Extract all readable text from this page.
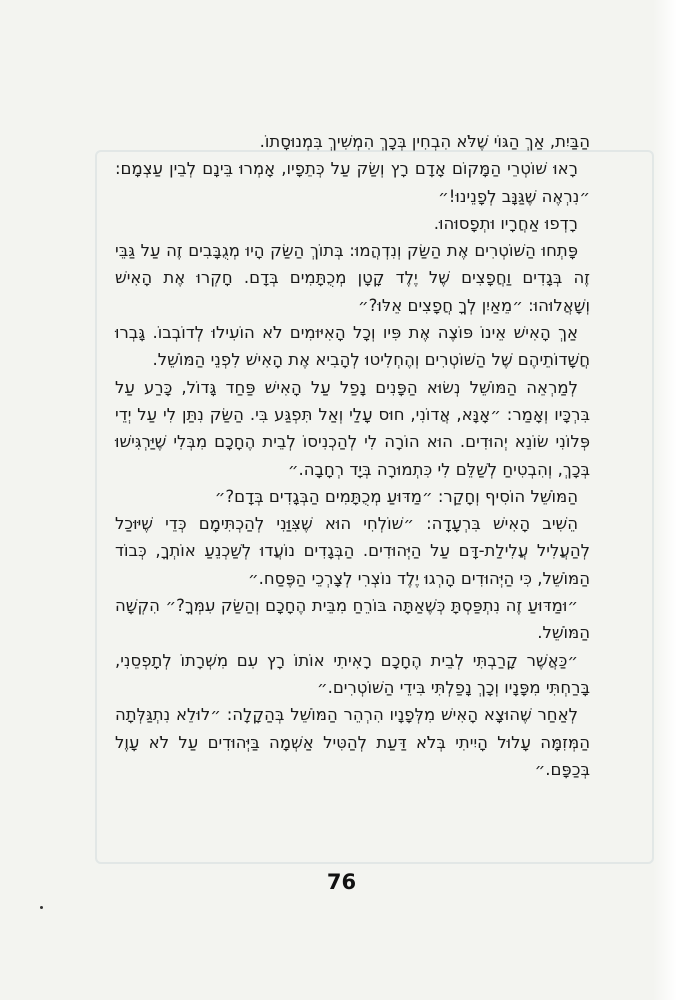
הַבַּיִת, אַךְ הַגּוֹי שֶׁלֹּא הִבְחִין בְּכָךְ הִמְשִׁיךְ בִּמְנוּסָתוֹ.

רָאוּ שׁוֹטְרֵי הַמָּקוֹם אָדָם רָץ וְשַׂק עַל כְּתֵפָיו, אָמְרוּ בֵּינָם לְבֵין עַצְמָם: ״נִרְאֶה שֶׁגַּנָּב לְפָנֵינוּ!״

רָדְפוּ אַחֲרָיו וּתְפָסוּהוּ.

פָּתְחוּ הַשּׁוֹטְרִים אֶת הַשַּׂק וְנִדְהֲמוּ: בְּתוֹךְ הַשַּׂק הָיוּ מְגֻבָּבִים זֶה עַל גַּבֵּי זֶה בְּגָדִים וַחֲפָצִים שֶׁל יֶלֶד קָטָן מְכֻתָּמִים בְּדָם. חָקְרוּ אֶת הָאִישׁ וְשָׁאֲלוּהוּ: ״מֵאַיִן לְךָ חֲפָצִים אֵלּוּ?״

אַךְ הָאִישׁ אֵינוֹ פּוֹצֶה אֶת פִּיו וְכָל הָאִיּוּמִים לֹא הוֹעִילוּ לְדוֹבְבוֹ. גָּבְרוּ חֲשָׁדוֹתֵיהֶם שֶׁל הַשּׁוֹטְרִים וְהֶחְלִיטוּ לְהָבִיא אֶת הָאִישׁ לִפְנֵי הַמּוֹשֵׁל.

לְמַרְאֵה הַמּוֹשֵׁל נְשׂוּא הַפָּנִים נָפַל עַל הָאִישׁ פַּחַד גָּדוֹל, כָּרַע עַל בִּרְכָּיו וְאָמַר: ״אָנָּא, אֲדוֹנִי, חוּס עָלַי וְאַל תִּפְגַּע בִּי. הַשַּׂק נִתַּן לִי עַל יְדֵי פְּלוֹנִי שׂוֹנֵא יְהוּדִים. הוּא הוֹרָה לִי לְהַכְנִיסוֹ לְבֵית הֶחָכָם מִבְּלִי שֶׁיַּרְגִּישׁוּ בְּכָךְ, וְהִבְטִיחַ לְשַׁלֵּם לִי כִּתְמוּרָה בְּיָד רְחָבָה.״

הַמּוֹשֵׁל הוֹסִיף וְחָקַר: ״מַדּוּעַ מְכֻתָּמִים הַבְּגָדִים בְּדָם?״

הֵשִׁיב הָאִישׁ בִּרְעָדָה: ״שׁוֹלְחִי הוּא שֶׁצִּוַּנִי לְהַכְתִּימָם כְּדֵי שֶׁיּוּכַל לְהַעֲלִיל עֲלִילַת-דָּם עַל הַיְּהוּדִים. הַבְּגָדִים נוֹעֲדוּ לְשַׁכְנֵעַ אוֹתְךָ, כְּבוֹד הַמּוֹשֵׁל, כִּי הַיְּהוּדִים הָרְגוּ יֶלֶד נוֹצְרִי לְצָרְכֵי הַפֶּסַח.״

״וּמַדּוּעַ זֶה נִתְפַּסְתָּ כְּשֶׁאַתָּה בּוֹרֵחַ מִבֵּית הֶחָכָם וְהַשַּׂק עִמְּךָ?״ הִקְשָׁה הַמּוֹשֵׁל.

״כַּאֲשֶׁר קָרַבְתִּי לְבֵית הֶחָכָם רָאִיתִי אוֹתוֹ רָץ עִם מִשְׁרָתוֹ לְתָפְסֵנִי, בָּרַחְתִּי מִפָּנָיו וְכָךְ נָפַלְתִּי בִּידֵי הַשּׁוֹטְרִים.״

לְאַחַר שֶׁהוּצָא הָאִישׁ מִלְּפָנָיו הִרְהֵר הַמּוֹשֵׁל בְּהַקָלָה: ״לוּלֵא נִתְגַּלְּתָה הַמְּזִמָּה עָלוּל הָיִיתִי בְּלֹא דַּעַת לְהַטִּיל אַשְׁמָה בַּיְּהוּדִים עַל לֹא עָוֶל בְּכַפָּם.״

76
